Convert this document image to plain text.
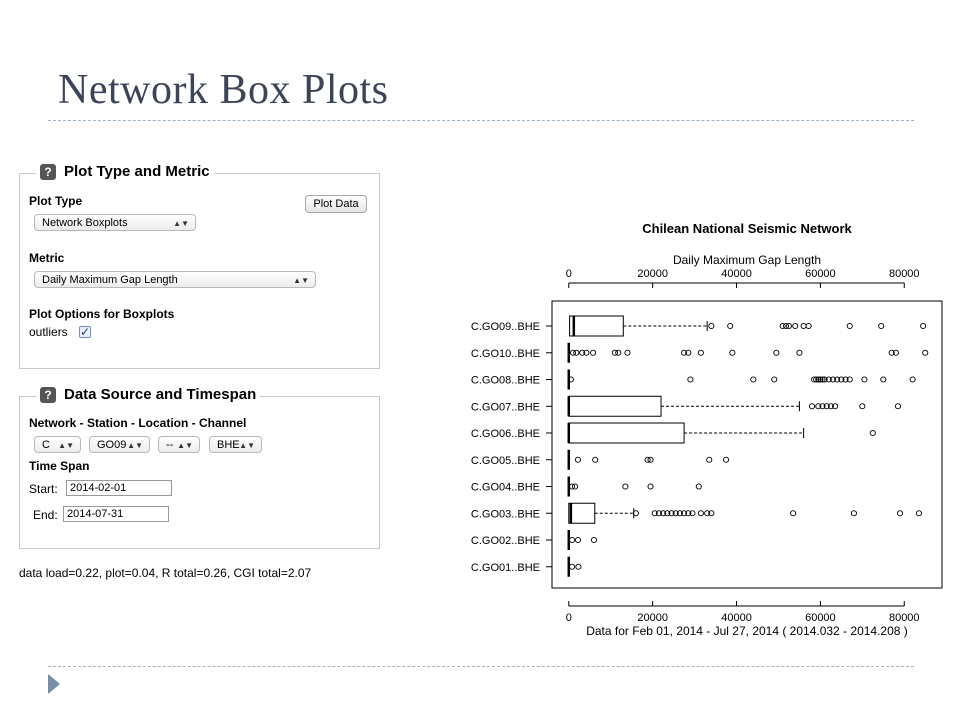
Network Box Plots
? Plot Type and Metric
Plot Type	Plot Data
Network Boxplots	▲▼
Metric
Daily Maximum Gap Length	▲▼
Plot Options for Boxplots
outliers ✓
? Data Source and Timespan
Network - Station - Location - Channel
C ▲▼	GO09 ▲▼	-- ▲▼	BHE ▲▼
Time Span
Start:	2014-02-01
End: 2014-07-31
data load=0.22, plot=0.04, R total=0.26, CGI total=2.07
Chilean National Seismic Network
Daily Maximum Gap Length
0
0
20000
20000
40000
40000
60000
60000
80000
80000
C.GO09..BHE
C.GO10..BHE
C.GO08..BHE
C.GO07..BHE
C.GO06..BHE
C.GO05..BHE
C.GO04..BHE
C.GO03..BHE
C.GO02..BHE
C.GO01..BHE
Data for Feb 01, 2014 - Jul 27, 2014 ( 2014.032 - 2014.208 )
